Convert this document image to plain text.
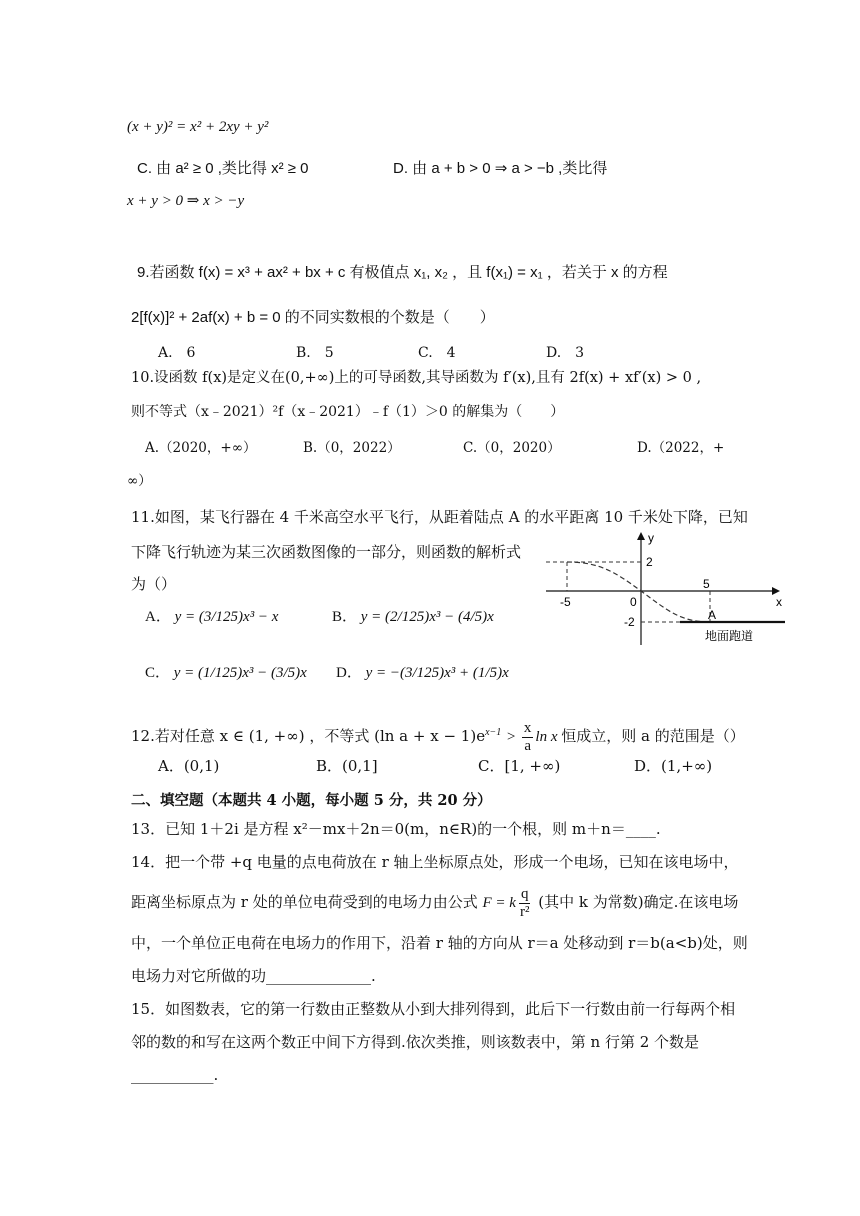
(x + y)² = x² + 2xy + y²
C. 由 a² ≥ 0 ,类比得 x² ≥ 0	D. 由 a + b > 0 ⇒ a > −b ,类比得
x + y > 0 ⇒ x > −y
9.若函数 f(x) = x³ + ax² + bx + c 有极值点 x₁, x₂ ，且 f(x₁) = x₁ ，若关于 x 的方程
2[f(x)]² + 2af(x) + b = 0 的不同实数根的个数是（　　）
A.　6	B.　5	C.　4	D.　3
10.设函数 f(x)是定义在(0,+∞)上的可导函数,其导函数为 f′(x),且有 2f(x) + xf′(x) > 0 ,
则不等式（x﹣2021）²f（x﹣2021）﹣f（1）＞0 的解集为（　　）
A.（2020，+∞）	B.（0，2022）	C.（0，2020）	D.（2022，+
∞）
11.如图，某飞行器在 4 千米高空水平飞行，从距着陆点 A 的水平距离 10 千米处下降，已知
下降飞行轨迹为某三次函数图像的一部分，则函数的解析式
为（）
A． y = (3/125)x³ − x	B． y = (2/125)x³ − (4/5)x
C． y = (1/125)x³ − (3/5)x D． y = −(3/125)x³ + (1/5)x
y
x
2
-5	0
5
-2	A
地面跑道
12.若对任意 x ∈ (1, +∞) ，不等式 (ln $a + x - 1)e^{x-1} > \frac{x}{a}$ ln x 恒成立，则 a 的范围是（）
A．(0,1)	B．(0,1]	C．[1, +∞)	D．(1,+∞)
二、填空题（本题共 4 小题，每小题 5 分，共 20 分）
13．已知 1＋2i 是方程 x²－mx＋2n＝0(m，n∈R)的一个根，则 m＋n＝____.
14．把一个带 +q 电量的点电荷放在 r 轴上坐标原点处，形成一个电场，已知在该电场中，
距离坐标原点为 r 处的单位电荷受到的电场力由公式 F = k $\frac{q}{\text{r²}}$ (其中 k 为常数)确定.在该电场
中，一个单位正电荷在电场力的作用下，沿着 r 轴的方向从 r＝a 处移动到 r＝b(a<b)处，则
电场力对它所做的功______________.
15．如图数表，它的第一行数由正整数从小到大排列得到，此后下一行数由前一行每两个相
邻的数的和写在这两个数正中间下方得到.依次类推，则该数表中，第 n 行第 2 个数是
___________.
